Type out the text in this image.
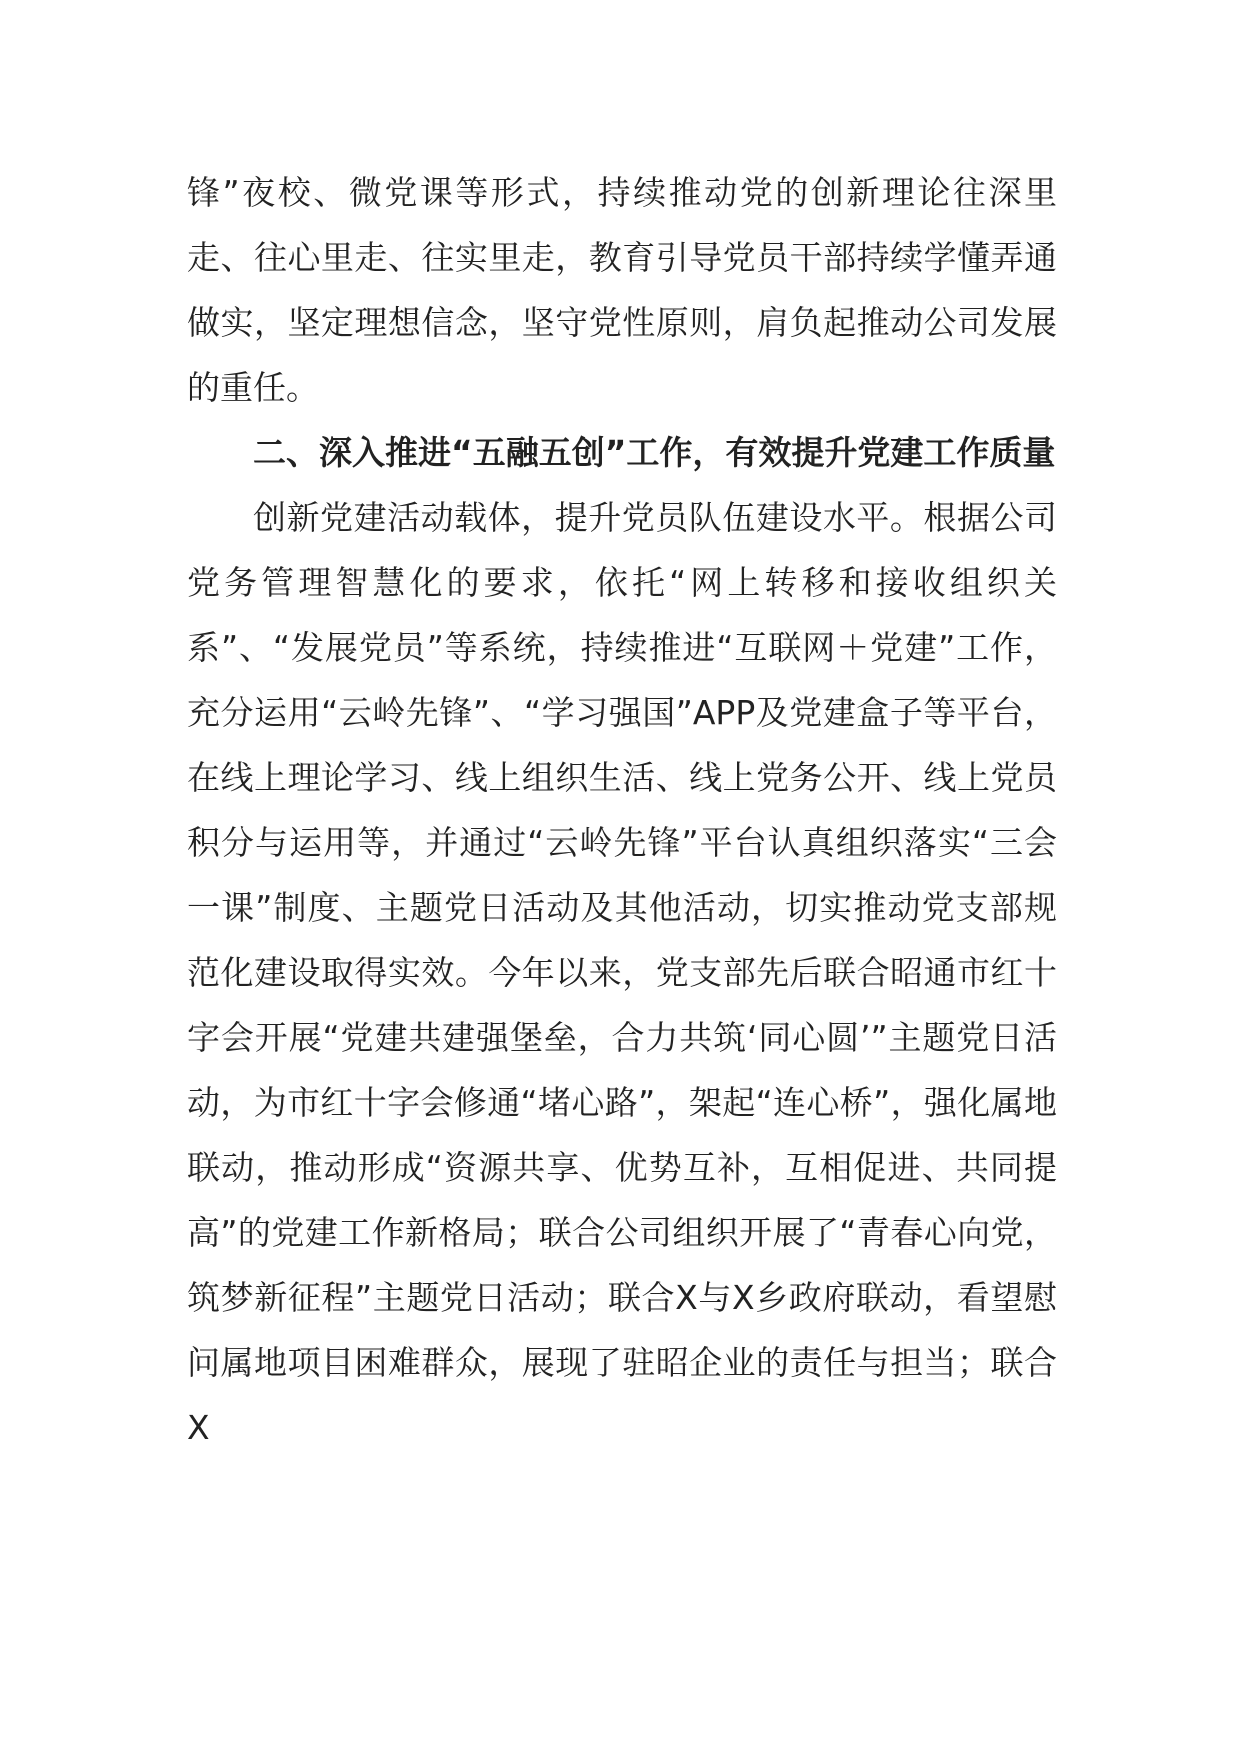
锋”夜校、微党课等形式，持续推动党的创新理论往深里走、往心里走、往实里走，教育引导党员干部持续学懂弄通做实，坚定理想信念，坚守党性原则，肩负起推动公司发展的重任。

二、深入推进“五融五创”工作，有效提升党建工作质量

创新党建活动载体，提升党员队伍建设水平。根据公司党务管理智慧化的要求，依托“网上转移和接收组织关系”、“发展党员”等系统，持续推进“互联网＋党建”工作，充分运用“云岭先锋”、“学习强国”APP及党建盒子等平台，在线上理论学习、线上组织生活、线上党务公开、线上党员积分与运用等，并通过“云岭先锋”平台认真组织落实“三会一课”制度、主题党日活动及其他活动，切实推动党支部规范化建设取得实效。今年以来，党支部先后联合昭通市红十字会开展“党建共建强堡垒，合力共筑‘同心圆’”主题党日活动，为市红十字会修通“堵心路”，架起“连心桥”，强化属地联动，推动形成“资源共享、优势互补，互相促进、共同提高”的党建工作新格局；联合公司组织开展了“青春心向党，筑梦新征程”主题党日活动；联合X与X乡政府联动，看望慰问属地项目困难群众，展现了驻昭企业的责任与担当；联合X
